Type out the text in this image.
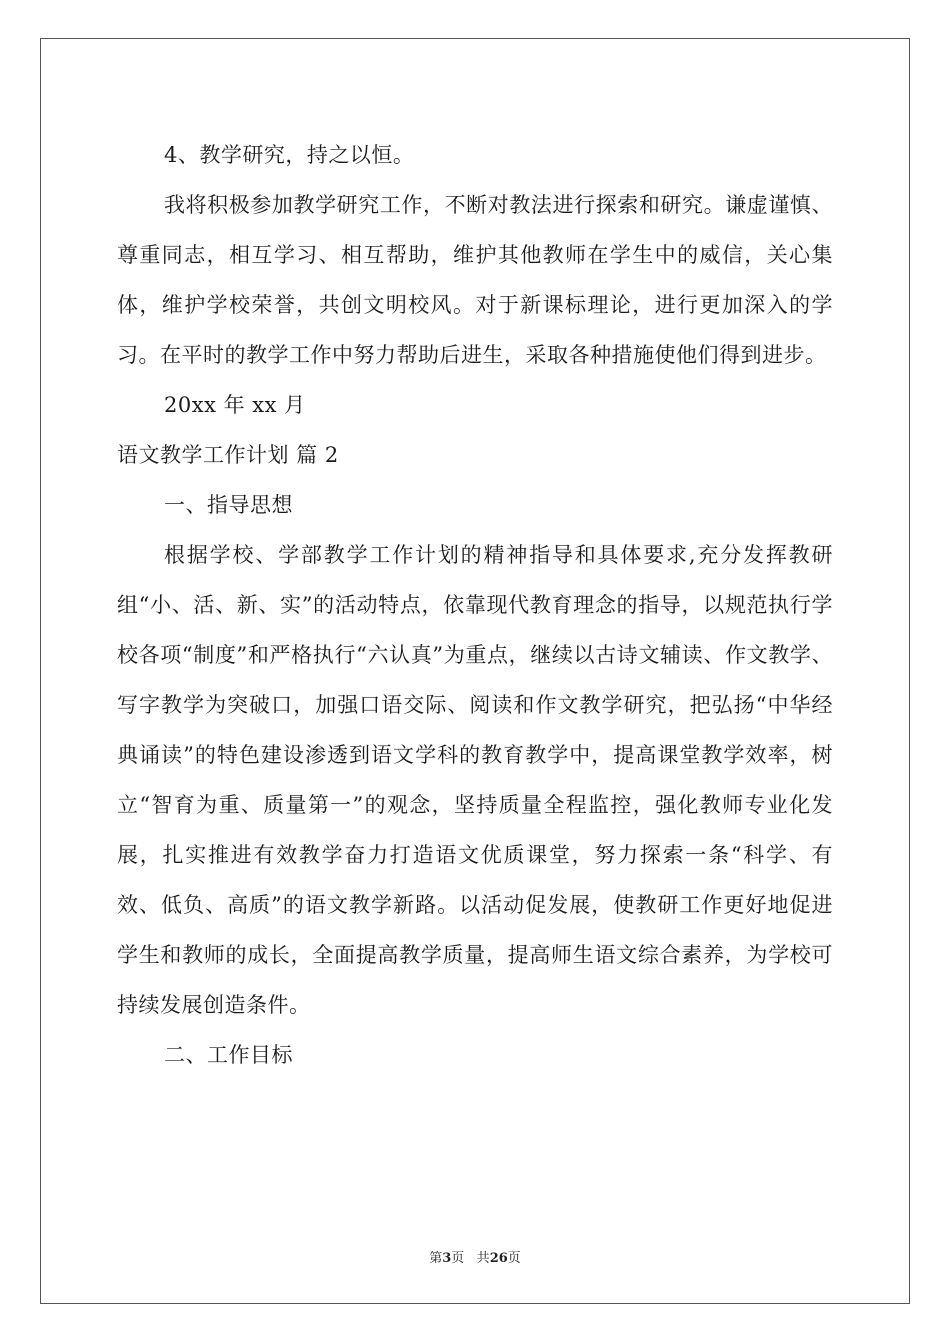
4、教学研究，持之以恒。

我将积极参加教学研究工作，不断对教法进行探索和研究。谦虚谨慎、尊重同志，相互学习、相互帮助，维护其他教师在学生中的威信，关心集体，维护学校荣誉，共创文明校风。对于新课标理论，进行更加深入的学习。在平时的教学工作中努力帮助后进生，采取各种措施使他们得到进步。

20xx 年 xx 月

语文教学工作计划 篇 2

一、指导思想

根据学校、学部教学工作计划的精神指导和具体要求,充分发挥教研组“小、活、新、实”的活动特点，依靠现代教育理念的指导，以规范执行学校各项“制度”和严格执行“六认真”为重点，继续以古诗文辅读、作文教学、写字教学为突破口，加强口语交际、阅读和作文教学研究，把弘扬“中华经典诵读”的特色建设渗透到语文学科的教育教学中，提高课堂教学效率，树立“智育为重、质量第一”的观念，坚持质量全程监控，强化教师专业化发展，扎实推进有效教学奋力打造语文优质课堂，努力探索一条“科学、有效、低负、高质”的语文教学新路。以活动促发展，使教研工作更好地促进学生和教师的成长，全面提高教学质量，提高师生语文综合素养，为学校可持续发展创造条件。

二、工作目标

第3页 共26页
